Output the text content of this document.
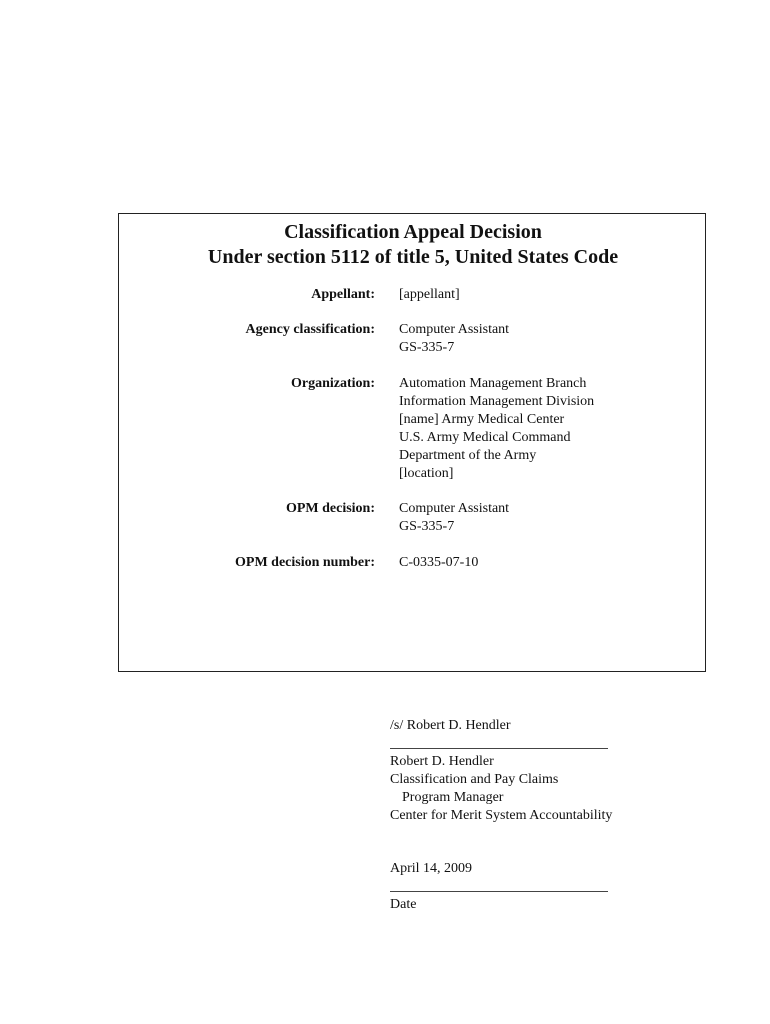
Classification Appeal Decision
Under section 5112 of title 5, United States Code
Appellant: [appellant]
Agency classification: Computer Assistant
GS-335-7
Organization: Automation Management Branch
Information Management Division
[name] Army Medical Center
U.S. Army Medical Command
Department of the Army
[location]
OPM decision: Computer Assistant
GS-335-7
OPM decision number: C-0335-07-10
/s/ Robert D. Hendler
Robert D. Hendler
Classification and Pay Claims
Program Manager
Center for Merit System Accountability
April 14, 2009
Date
